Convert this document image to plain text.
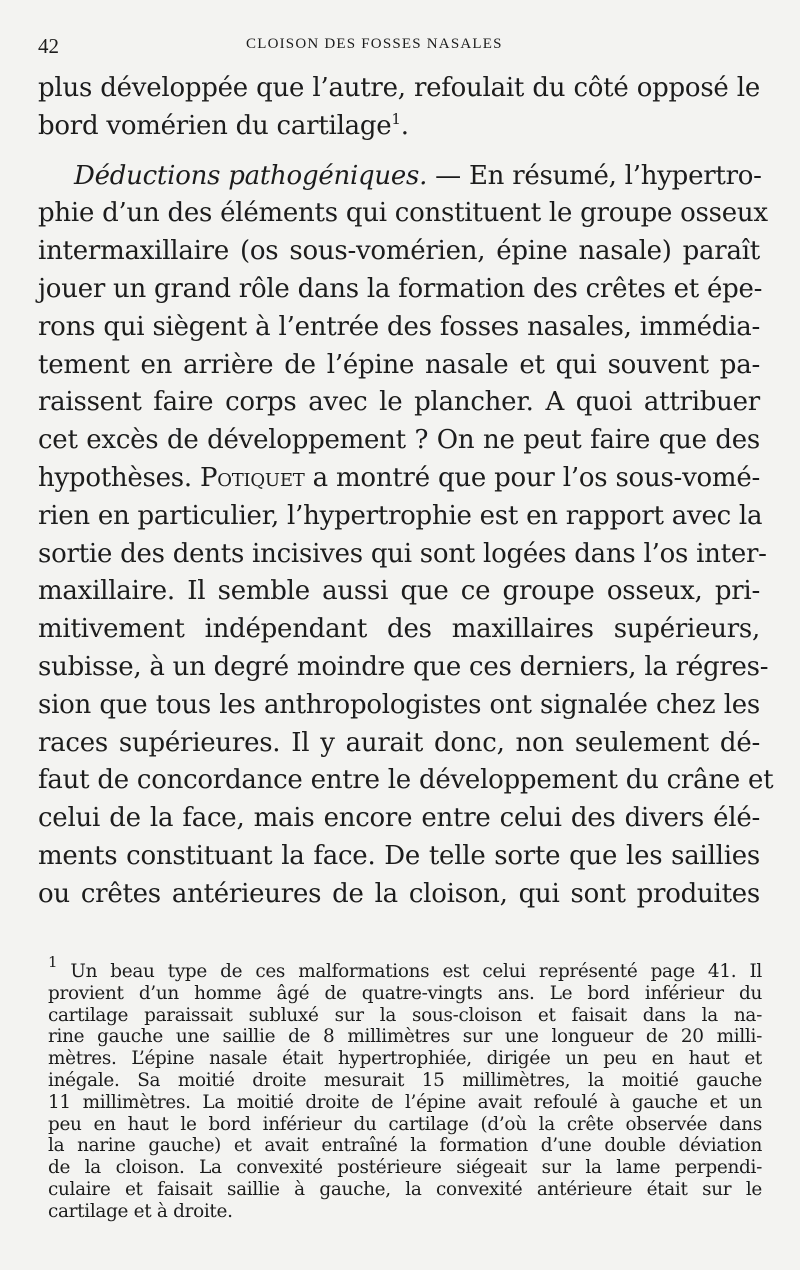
42	CLOISON DES FOSSES NASALES
plus développée que l’autre, refoulait du côté opposé le
bord vomérien du cartilage$^1$.
Déductions pathogéniques. — En résumé, l’hypertro-
phie d’un des éléments qui constituent le groupe osseux
intermaxillaire (os sous-vomérien, épine nasale) paraît
jouer un grand rôle dans la formation des crêtes et épe-
rons qui siègent à l’entrée des fosses nasales, immédia-
tement en arrière de l’épine nasale et qui souvent pa-
raissent faire corps avec le plancher. A quoi attribuer
cet excès de développement ? On ne peut faire que des
hypothèses. Potiquet a montré que pour l’os sous-vomé-
rien en particulier, l’hypertrophie est en rapport avec la
sortie des dents incisives qui sont logées dans l’os inter-
maxillaire. Il semble aussi que ce groupe osseux, pri-
mitivement indépendant des maxillaires supérieurs,
subisse, à un degré moindre que ces derniers, la régres-
sion que tous les anthropologistes ont signalée chez les
races supérieures. Il y aurait donc, non seulement dé-
faut de concordance entre le développement du crâne et
celui de la face, mais encore entre celui des divers élé-
ments constituant la face. De telle sorte que les saillies
ou crêtes antérieures de la cloison, qui sont produites
$^1$ Un beau type de ces malformations est celui représenté page 41. Il
provient d’un homme âgé de quatre-vingts ans. Le bord inférieur du
cartilage paraissait subluxé sur la sous-cloison et faisait dans la na-
rine gauche une saillie de 8 millimètres sur une longueur de 20 milli-
mètres. L’épine nasale était hypertrophiée, dirigée un peu en haut et
inégale. Sa moitié droite mesurait 15 millimètres, la moitié gauche
11 millimètres. La moitié droite de l’épine avait refoulé à gauche et un
peu en haut le bord inférieur du cartilage (d’où la crête observée dans
la narine gauche) et avait entraîné la formation d’une double déviation
de la cloison. La convexité postérieure siégeait sur la lame perpendi-
culaire et faisait saillie à gauche, la convexité antérieure était sur le
cartilage et à droite.
